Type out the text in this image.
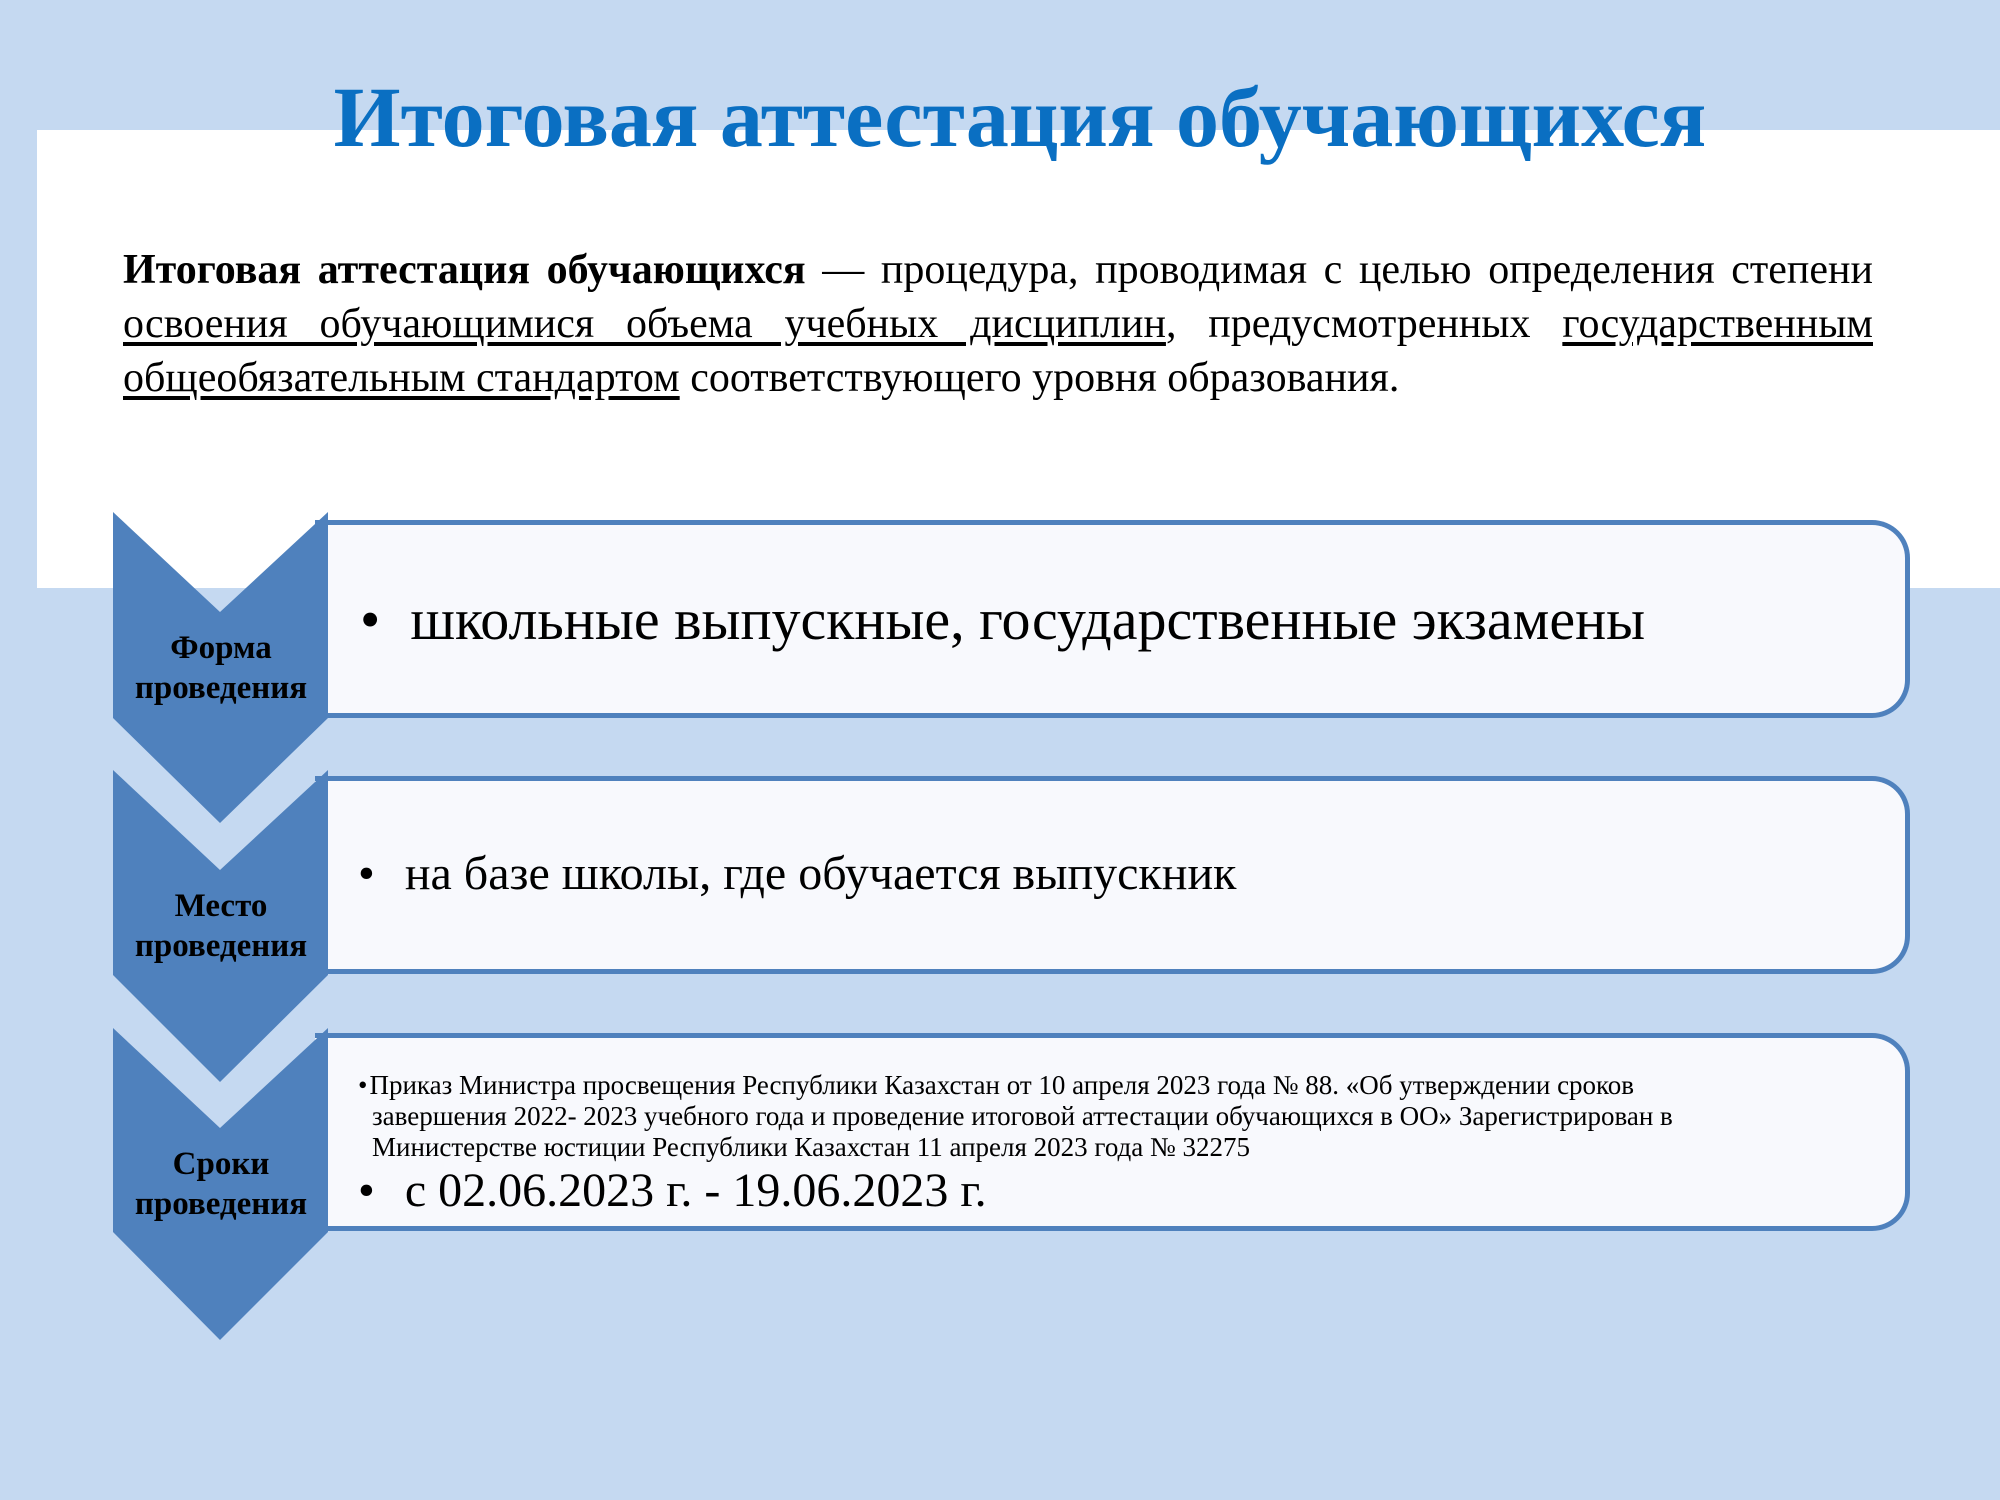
Итоговая аттестация обучающихся

Итоговая аттестация обучающихся — процедура, проводимая с целью определения степени освоения обучающимися объема учебных дисциплин, предусмотренных государственным общеобязательным стандартом соответствующего уровня образования.

Форма
проведения
Место
проведения
Сроки
проведения
• школьные выпускные, государственные экзамены
• на базе школы, где обучается выпускник
•Приказ Министра просвещения Республики Казахстан от 10 апреля 2023 года № 88. «Об утверждении сроков
завершения 2022- 2023 учебного года и проведение итоговой аттестации обучающихся в ОО» Зарегистрирован в
Министерстве юстиции Республики Казахстан 11 апреля 2023 года № 32275
• с 02.06.2023 г. - 19.06.2023 г.
